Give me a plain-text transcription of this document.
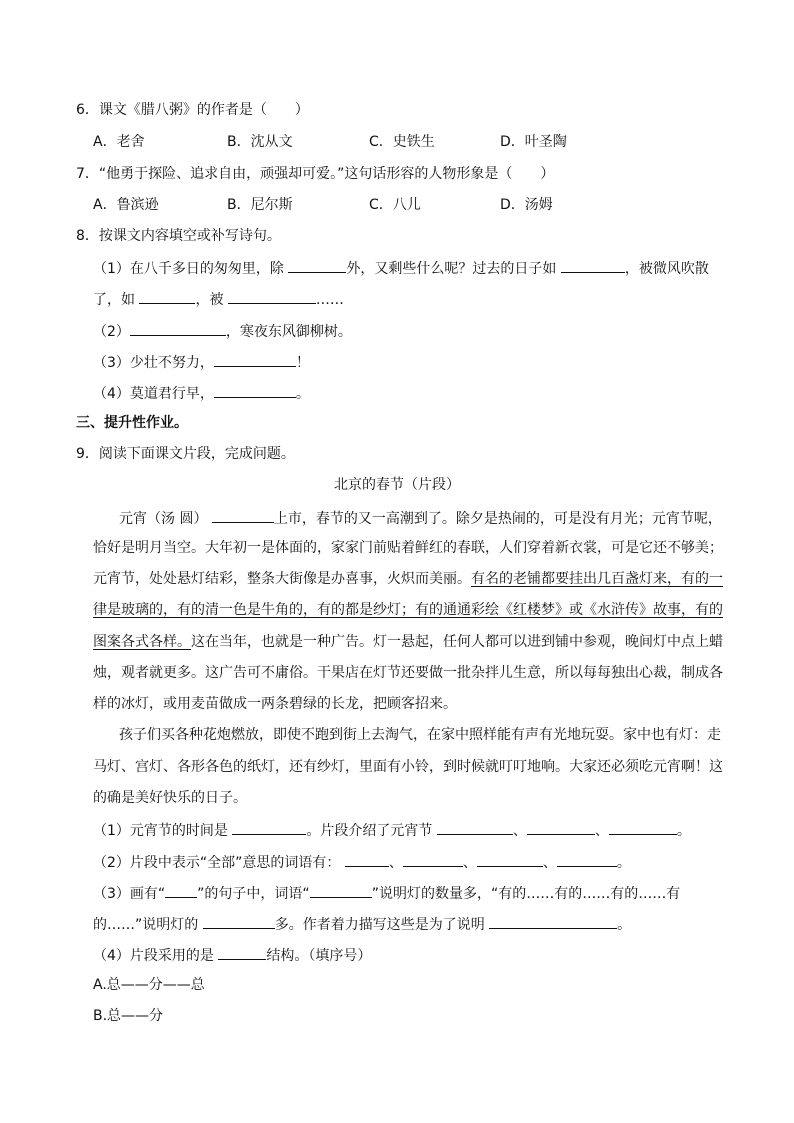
6．课文《腊八粥》的作者是（　　）
A．老舍	B．沈从文	C．史铁生	D．叶圣陶
7．“他勇于探险、追求自由，顽强却可爱。”这句话形容的人物形象是（　　）
A．鲁滨逊	B．尼尔斯	C．八儿	D．汤姆
8．按课文内容填空或补写诗句。
（1）在八千多日的匆匆里，除	外，又剩些什么呢？过去的日子如	，被微风吹散
了，如	，被	……
（2）	，寒夜东风御柳树。
（3）少壮不努力，	！
（4）莫道君行早，	。
三、提升性作业。
9．阅读下面课文片段，完成问题。
北京的春节（片段）
元宵（汤 圆）	上市，春节的又一高潮到了。除夕是热闹的，可是没有月光；元宵节呢，
恰好是明月当空。大年初一是体面的，家家门前贴着鲜红的春联，人们穿着新衣裳，可是它还不够美；
元宵节，处处悬灯结彩，整条大街像是办喜事，火炽而美丽。有名的老铺都要挂出几百盏灯来，有的一
律是玻璃的，有的清一色是牛角的，有的都是纱灯；有的通通彩绘《红楼梦》或《水浒传》故事，有的
图案各式各样。这在当年，也就是一种广告。灯一悬起，任何人都可以进到铺中参观，晚间灯中点上蜡
烛，观者就更多。这广告可不庸俗。干果店在灯节还要做一批杂拌儿生意，所以每每独出心裁，制成各
样的冰灯，或用麦苗做成一两条碧绿的长龙，把顾客招来。
孩子们买各种花炮燃放，即使不跑到街上去淘气，在家中照样能有声有光地玩耍。家中也有灯：走
马灯、宫灯、各形各色的纸灯，还有纱灯，里面有小铃，到时候就叮叮地响。大家还必须吃元宵啊！这
的确是美好快乐的日子。
（1）元宵节的时间是	。片段介绍了元宵节	、	、	。
（2）片段中表示“全部”意思的词语有：	、	、	、	。
（3）画有“ ”的句子中，词语“	”说明灯的数量多，“有的……有的……有的……有
的……”说明灯的	多。作者着力描写这些是为了说明	。
（4）片段采用的是	结构。（填序号）
A.总——分——总
B.总——分
